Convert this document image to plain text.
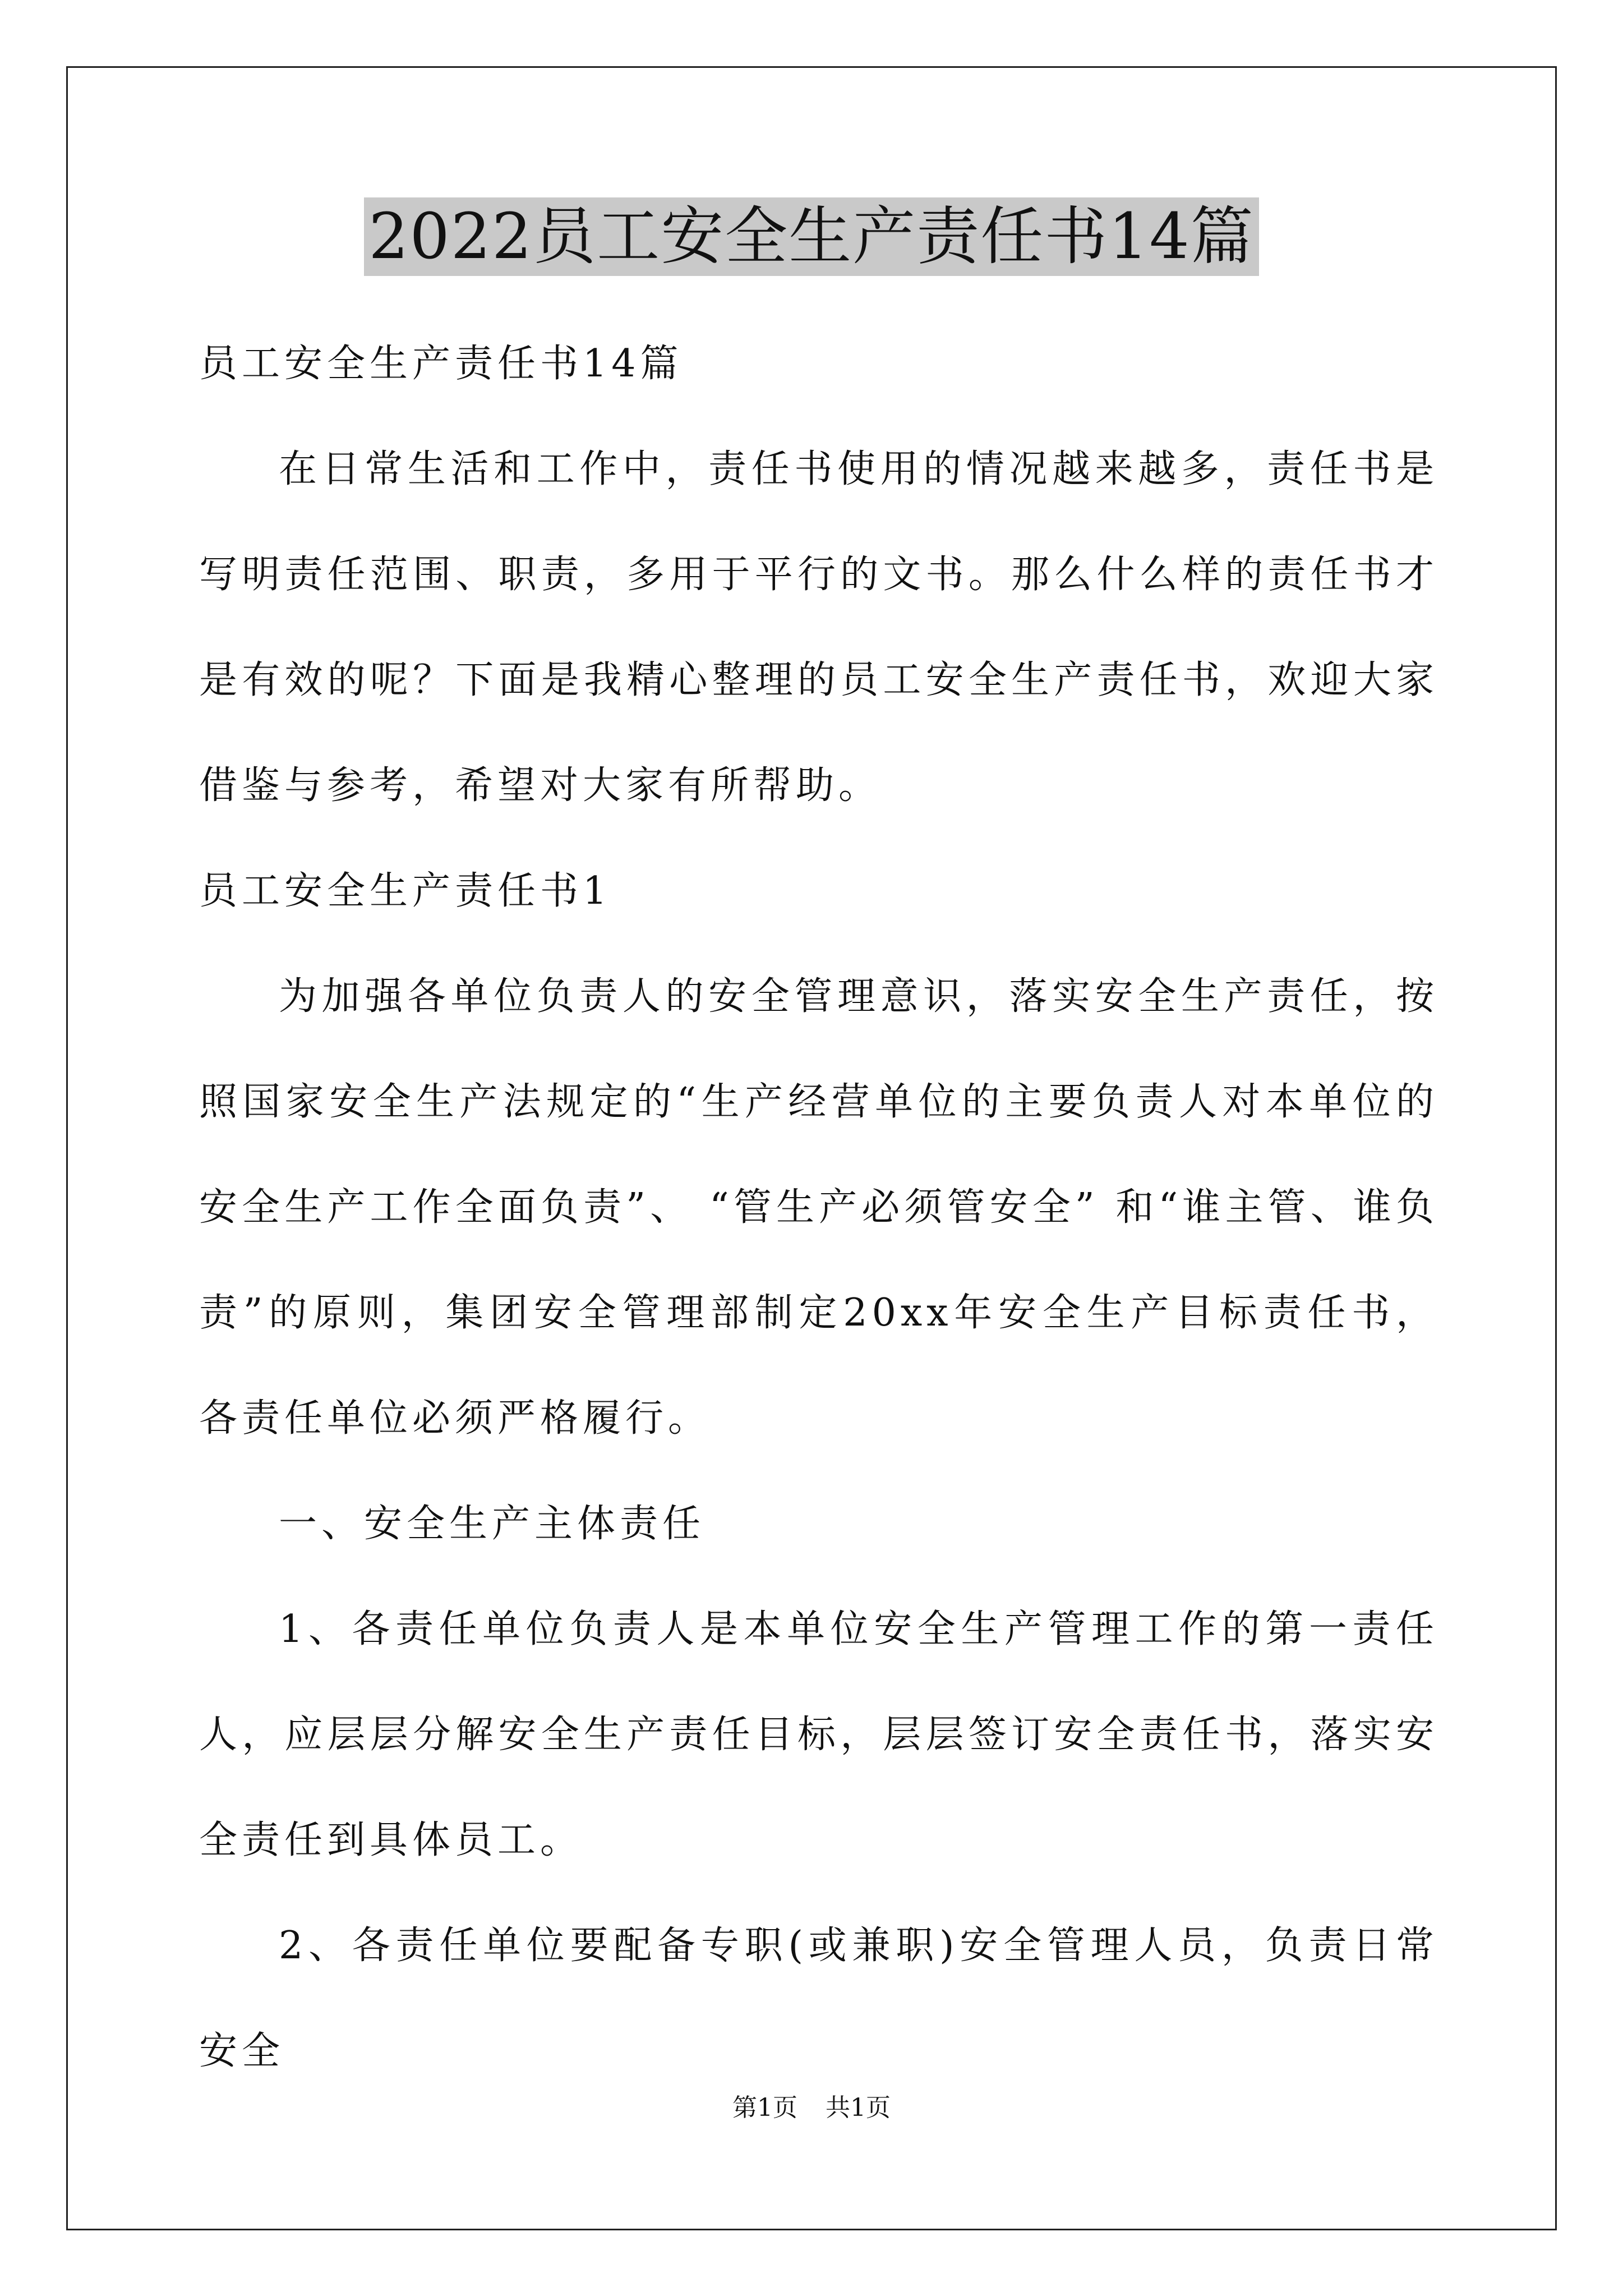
2022员工安全生产责任书14篇

员工安全生产责任书14篇

在日常生活和工作中，责任书使用的情况越来越多，责任书是写明责任范围、职责，多用于平行的文书。那么什么样的责任书才是有效的呢？下面是我精心整理的员工安全生产责任书，欢迎大家借鉴与参考，希望对大家有所帮助。

员工安全生产责任书1

为加强各单位负责人的安全管理意识，落实安全生产责任，按照国家安全生产法规定的“生产经营单位的主要负责人对本单位的安全生产工作全面负责”、 “管生产必须管安全” 和“谁主管、谁负责”的原则，集团安全管理部制定20xx年安全生产目标责任书，各责任单位必须严格履行。

一、安全生产主体责任

1、各责任单位负责人是本单位安全生产管理工作的第一责任人，应层层分解安全生产责任目标，层层签订安全责任书，落实安全责任到具体员工。

2、各责任单位要配备专职(或兼职)安全管理人员，负责日常安全

第1页 共1页
